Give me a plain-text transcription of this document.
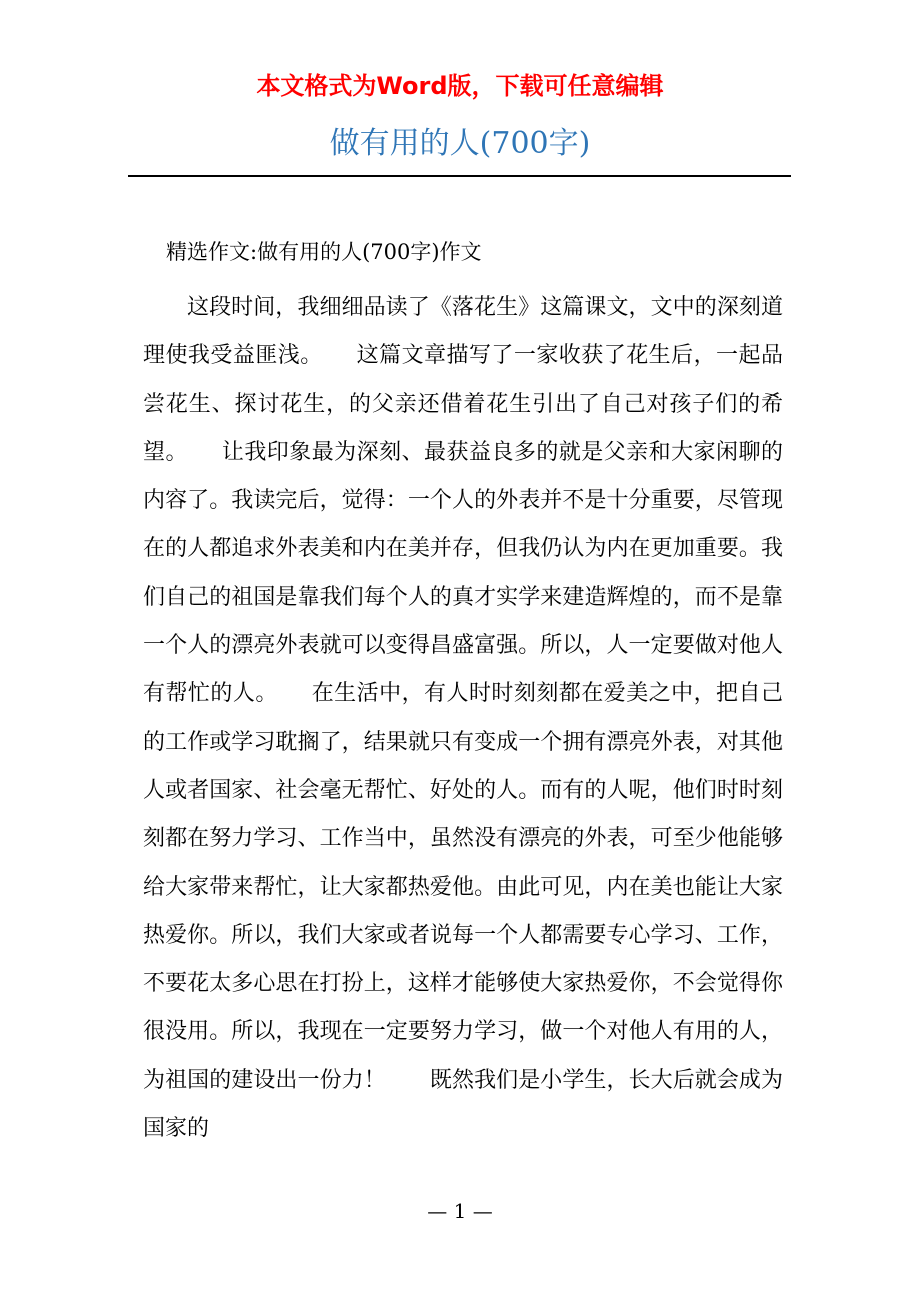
本文格式为Word版，下载可任意编辑
做有用的人(700字)
精选作文:做有用的人(700字)作文

这段时间，我细细品读了《落花生》这篇课文，文中的深刻道理使我受益匪浅。　　这篇文章描写了一家收获了花生后，一起品尝花生、探讨花生，的父亲还借着花生引出了自己对孩子们的希望。　　让我印象最为深刻、最获益良多的就是父亲和大家闲聊的内容了。我读完后，觉得：一个人的外表并不是十分重要，尽管现在的人都追求外表美和内在美并存，但我仍认为内在更加重要。我们自己的祖国是靠我们每个人的真才实学来建造辉煌的，而不是靠一个人的漂亮外表就可以变得昌盛富强。所以，人一定要做对他人有帮忙的人。　　在生活中，有人时时刻刻都在爱美之中，把自己的工作或学习耽搁了，结果就只有变成一个拥有漂亮外表，对其他人或者国家、社会毫无帮忙、好处的人。而有的人呢，他们时时刻刻都在努力学习、工作当中，虽然没有漂亮的外表，可至少他能够给大家带来帮忙，让大家都热爱他。由此可见，内在美也能让大家热爱你。所以，我们大家或者说每一个人都需要专心学习、工作，不要花太多心思在打扮上，这样才能够使大家热爱你，不会觉得你很没用。所以，我现在一定要努力学习，做一个对他人有用的人，为祖国的建设出一份力！　　既然我们是小学生，长大后就会成为国家的

— 1 —
